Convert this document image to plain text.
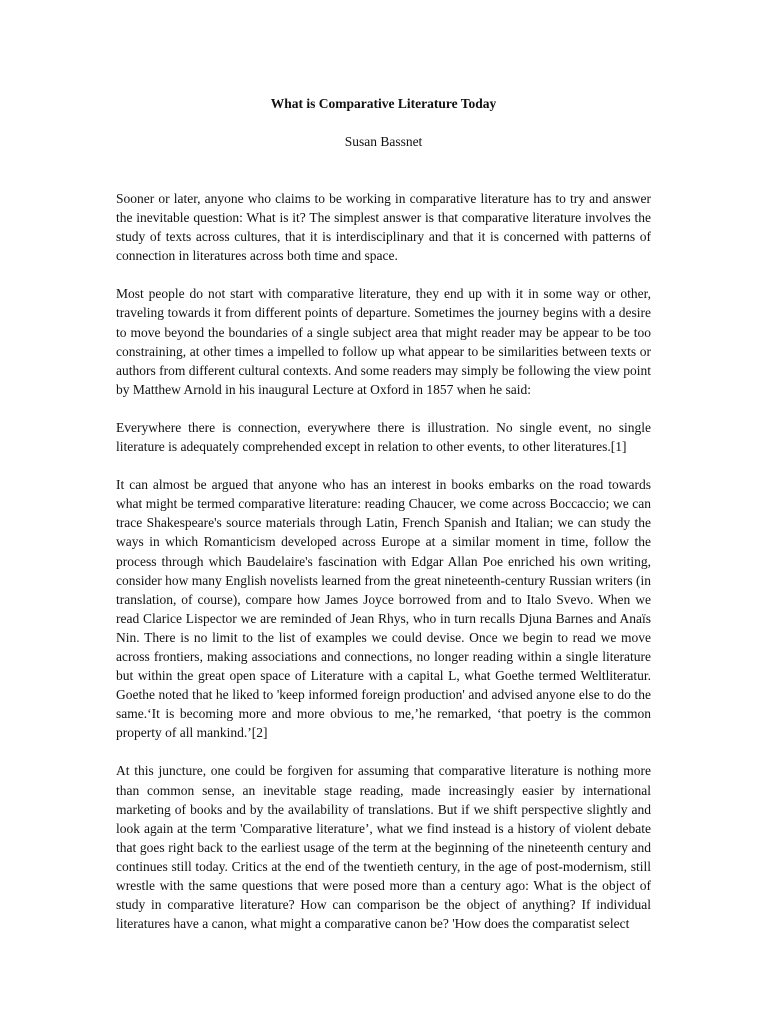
What is Comparative Literature Today

Susan Bassnet

Sooner or later, anyone who claims to be working in comparative literature has to try and answer the inevitable question: What is it? The simplest answer is that comparative literature involves the study of texts across cultures, that it is interdisciplinary and that it is concerned with patterns of connection in literatures across both time and space.

Most people do not start with comparative literature, they end up with it in some way or other, traveling towards it from different points of departure. Sometimes the journey begins with a desire to move beyond the boundaries of a single subject area that might reader may be appear to be too constraining, at other times a impelled to follow up what appear to be similarities between texts or authors from different cultural contexts. And some readers may simply be following the view point by Matthew Arnold in his inaugural Lecture at Oxford in 1857 when he said:

Everywhere there is connection, everywhere there is illustration. No single event, no single literature is adequately comprehended except in relation to other events, to other literatures.[1]

It can almost be argued that anyone who has an interest in books embarks on the road towards what might be termed comparative literature: reading Chaucer, we come across Boccaccio; we can trace Shakespeare's source materials through Latin, French Spanish and Italian; we can study the ways in which Romanticism developed across Europe at a similar moment in time, follow the process through which Baudelaire's fascination with Edgar Allan Poe enriched his own writing, consider how many English novelists learned from the great nineteenth-century Russian writers (in translation, of course), compare how James Joyce borrowed from and to Italo Svevo. When we read Clarice Lispector we are reminded of Jean Rhys, who in turn recalls Djuna Barnes and Anaïs Nin. There is no limit to the list of examples we could devise. Once we begin to read we move across frontiers, making associations and connections, no longer reading within a single literature but within the great open space of Literature with a capital L, what Goethe termed Weltliteratur. Goethe noted that he liked to 'keep informed foreign production' and advised anyone else to do the same.‘It is becoming more and more obvious to me,’he remarked, ‘that poetry is the common property of all mankind.’[2]

At this juncture, one could be forgiven for assuming that comparative literature is nothing more than common sense, an inevitable stage reading, made increasingly easier by international marketing of books and by the availability of translations. But if we shift perspective slightly and look again at the term 'Comparative literature’, what we find instead is a history of violent debate that goes right back to the earliest usage of the term at the beginning of the nineteenth century and continues still today. Critics at the end of the twentieth century, in the age of post-modernism, still wrestle with the same questions that were posed more than a century ago: What is the object of study in comparative literature? How can comparison be the object of anything? If individual literatures have a canon, what might a comparative canon be? 'How does the comparatist select
